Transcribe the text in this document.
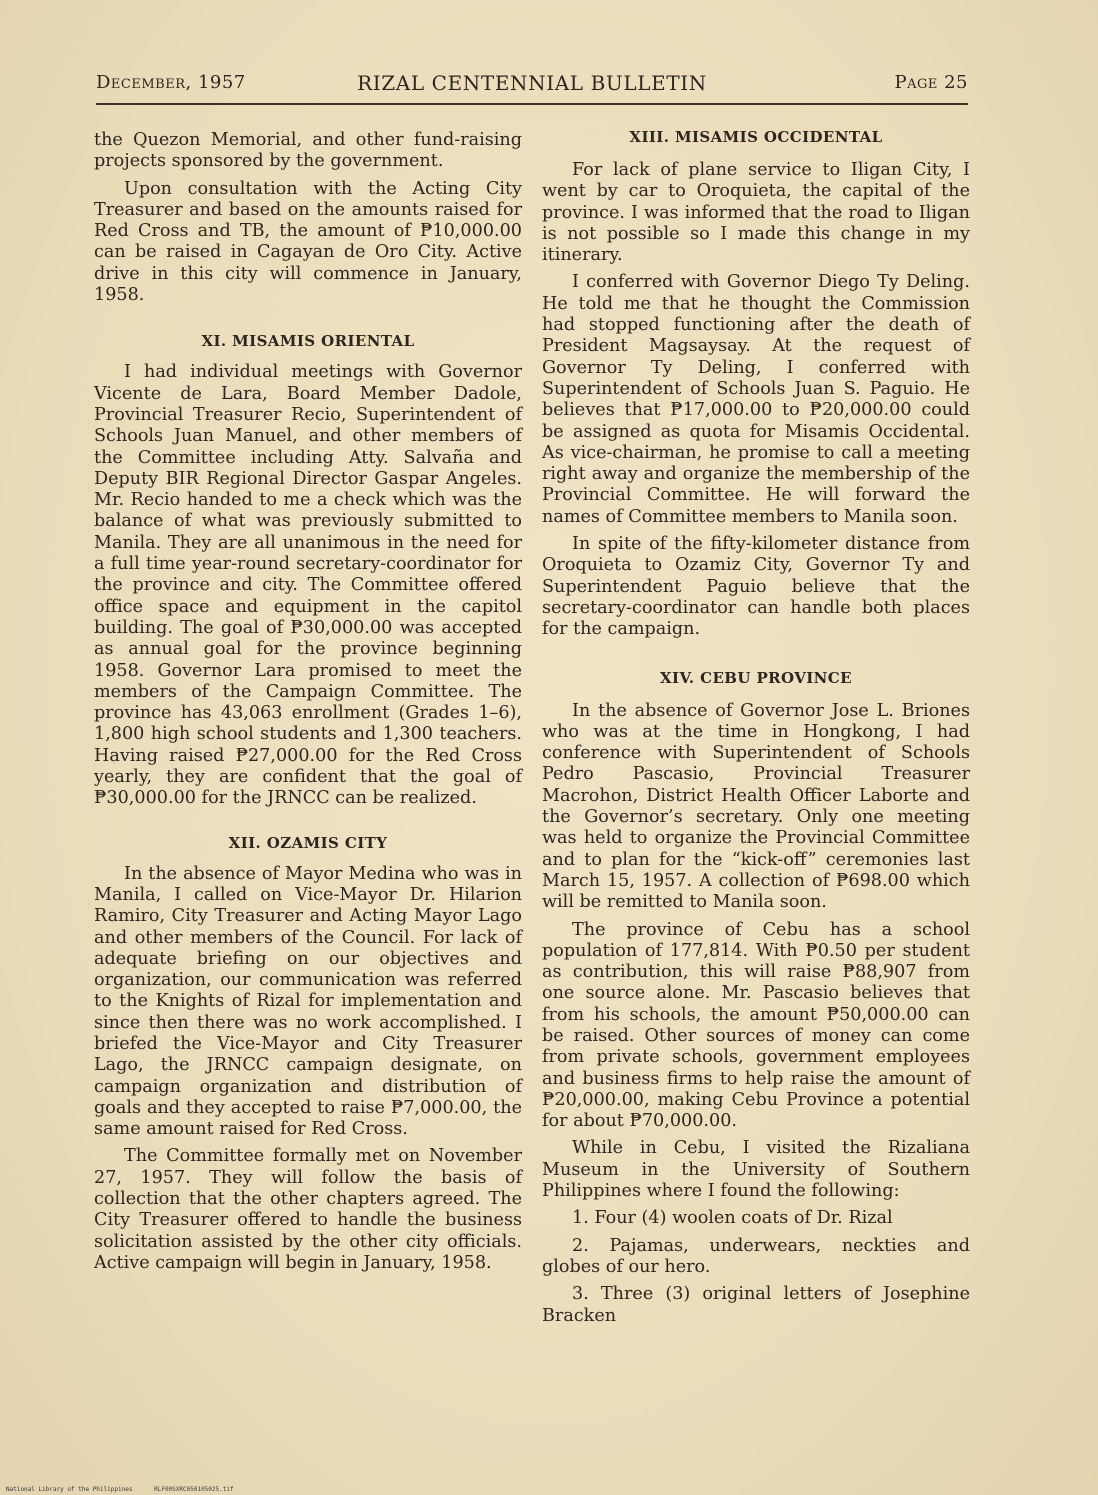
December, 1957	RIZAL CENTENNIAL BULLETIN	Page 25

the Quezon Memorial, and other fund-raising projects sponsored by the government.

Upon consultation with the Acting City Treasurer and based on the amounts raised for Red Cross and TB, the amount of ₱10,000.00 can be raised in Cagayan de Oro City. Active drive in this city will commence in January, 1958.

XI. MISAMIS ORIENTAL

I had individual meetings with Governor Vicente de Lara, Board Member Dadole, Provincial Treasurer Recio, Superintendent of Schools Juan Manuel, and other members of the Committee including Atty. Salvaña and Deputy BIR Regional Director Gaspar Angeles. Mr. Recio handed to me a check which was the balance of what was previously submitted to Manila. They are all unanimous in the need for a full time year-round secretary-coordinator for the province and city. The Committee offered office space and equipment in the capitol building. The goal of ₱30,000.00 was accepted as annual goal for the province beginning 1958. Governor Lara promised to meet the members of the Campaign Committee. The province has 43,063 enrollment (Grades 1–6), 1,800 high school students and 1,300 teachers. Having raised ₱27,000.00 for the Red Cross yearly, they are confident that the goal of ₱30,000.00 for the JRNCC can be realized.

XII. OZAMIS CITY

In the absence of Mayor Medina who was in Manila, I called on Vice-Mayor Dr. Hilarion Ramiro, City Treasurer and Acting Mayor Lago and other members of the Council. For lack of adequate briefing on our objectives and organization, our communication was referred to the Knights of Rizal for implementation and since then there was no work accomplished. I briefed the Vice-Mayor and City Treasurer Lago, the JRNCC campaign designate, on campaign organization and distribution of goals and they accepted to raise ₱7,000.00, the same amount raised for Red Cross.

The Committee formally met on November 27, 1957. They will follow the basis of collection that the other chapters agreed. The City Treasurer offered to handle the business solicitation assisted by the other city officials. Active campaign will begin in January, 1958.

XIII. MISAMIS OCCIDENTAL

For lack of plane service to Iligan City, I went by car to Oroquieta, the capital of the province. I was informed that the road to Iligan is not possible so I made this change in my itinerary.

I conferred with Governor Diego Ty Deling. He told me that he thought the Commission had stopped functioning after the death of President Magsaysay. At the request of Governor Ty Deling, I conferred with Superintendent of Schools Juan S. Paguio. He believes that ₱17,000.00 to ₱20,000.00 could be assigned as quota for Misamis Occidental. As vice-chairman, he promise to call a meeting right away and organize the membership of the Provincial Committee. He will forward the names of Committee members to Manila soon.

In spite of the fifty-kilometer distance from Oroquieta to Ozamiz City, Governor Ty and Superintendent Paguio believe that the secretary-coordinator can handle both places for the campaign.

XIV. CEBU PROVINCE

In the absence of Governor Jose L. Briones who was at the time in Hongkong, I had conference with Superintendent of Schools Pedro Pascasio, Provincial Treasurer Macrohon, District Health Officer Laborte and the Governor’s secretary. Only one meeting was held to organize the Provincial Committee and to plan for the “kick-off” ceremonies last March 15, 1957. A collection of ₱698.00 which will be remitted to Manila soon.

The province of Cebu has a school population of 177,814. With ₱0.50 per student as contribution, this will raise ₱88,907 from one source alone. Mr. Pascasio believes that from his schools, the amount ₱50,000.00 can be raised. Other sources of money can come from private schools, government employees and business firms to help raise the amount of ₱20,000.00, making Cebu Province a potential for about ₱70,000.00.

While in Cebu, I visited the Rizaliana Museum in the University of Southern Philippines where I found the following:

1. Four (4) woolen coats of Dr. Rizal

2. Pajamas, underwears, neckties and globes of our hero.

3. Three (3) original letters of Josephine Bracken

National Library of the Philippines      RLF00SXRC050105025.tif
